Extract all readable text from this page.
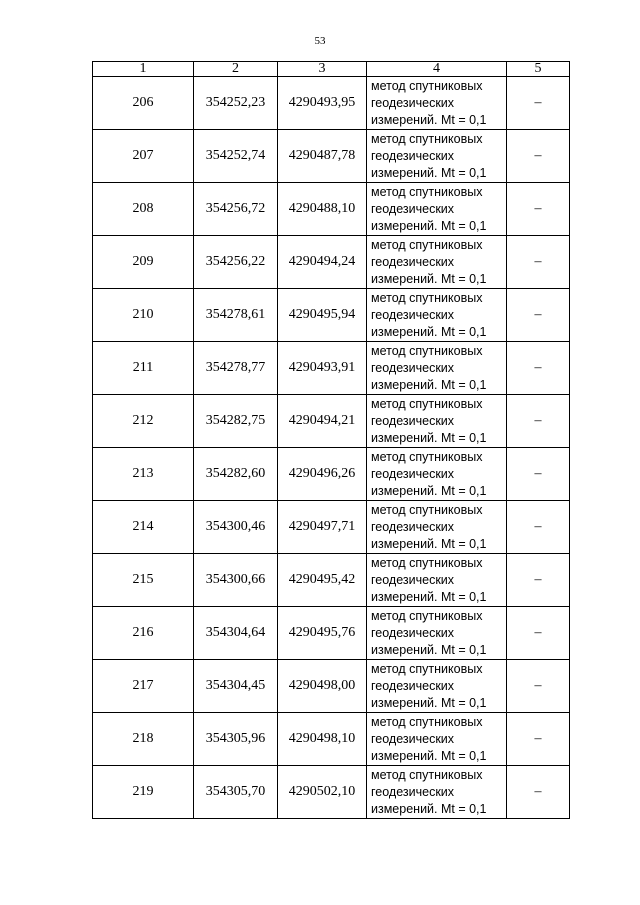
53
1	2	3	4	5
206	354252,23	4290493,95	метод спутниковых
геодезических
измерений. Mt = 0,1	–
207	354252,74	4290487,78	метод спутниковых
геодезических
измерений. Mt = 0,1	–
208	354256,72	4290488,10	метод спутниковых
геодезических
измерений. Mt = 0,1	–
209	354256,22	4290494,24	метод спутниковых
геодезических
измерений. Mt = 0,1	–
210	354278,61	4290495,94	метод спутниковых
геодезических
измерений. Mt = 0,1	–
211	354278,77	4290493,91	метод спутниковых
геодезических
измерений. Mt = 0,1	–
212	354282,75	4290494,21	метод спутниковых
геодезических
измерений. Mt = 0,1	–
213	354282,60	4290496,26	метод спутниковых
геодезических
измерений. Mt = 0,1	–
214	354300,46	4290497,71	метод спутниковых
геодезических
измерений. Mt = 0,1	–
215	354300,66	4290495,42	метод спутниковых
геодезических
измерений. Mt = 0,1	–
216	354304,64	4290495,76	метод спутниковых
геодезических
измерений. Mt = 0,1	–
217	354304,45	4290498,00	метод спутниковых
геодезических
измерений. Mt = 0,1	–
218	354305,96	4290498,10	метод спутниковых
геодезических
измерений. Mt = 0,1	–
219	354305,70	4290502,10	метод спутниковых
геодезических
измерений. Mt = 0,1	–
